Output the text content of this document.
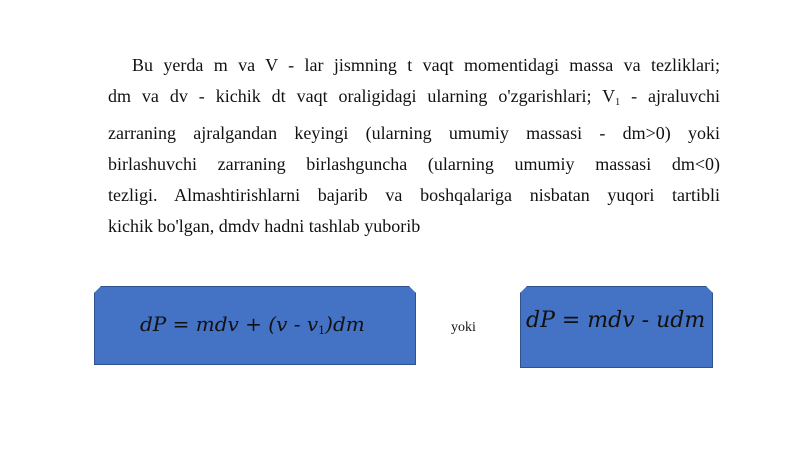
Bu yerda m va V - lar jismning t vaqt momentidagi massa va tezliklari;
dm va dv - kichik dt vaqt oraligidagi ularning o'zgarishlari; $V_1$ - ajraluvchi
zarraning ajralgandan keyingi (ularning umumiy massasi - dm>0) yoki
birlashuvchi zarraning birlashguncha (ularning umumiy massasi dm<0)
tezligi. Almashtirishlarni bajarib va boshqalariga nisbatan yuqori tartibli
kichik bo'lgan, dmdv hadni tashlab yuborib
dP = mdv + $(v - v_1)dm$	yoki dP = mdv - udm
